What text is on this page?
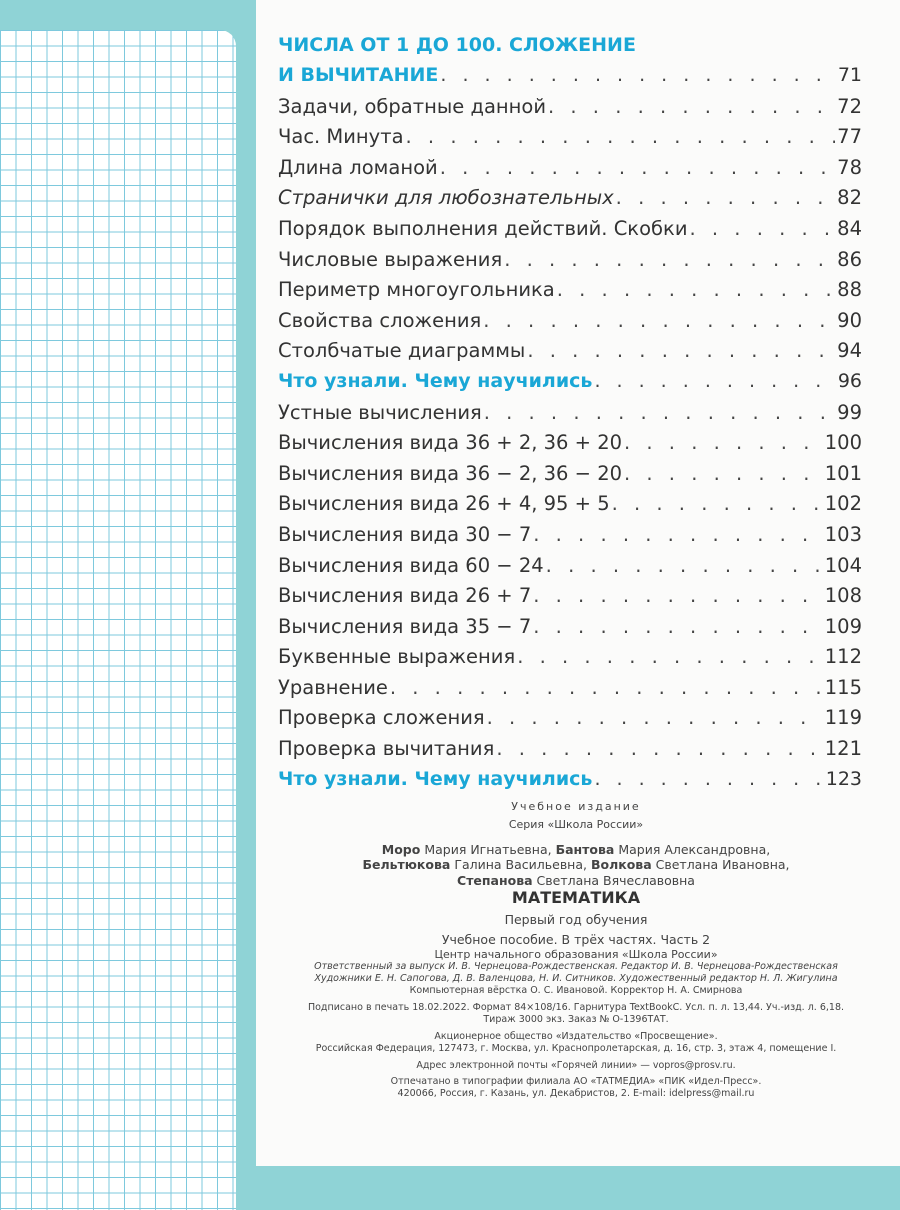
ЧИСЛА ОТ 1 ДО 100. СЛОЖЕНИЕ
И ВЫЧИТАНИЕ . . .	71
Задачи, обратные данной . . .	72
Час. Минута . . .	77
Длина ломаной . . .	78
Странички для любознательных . . .	82
Порядок выполнения действий. Скобки . . .	84
Числовые выражения . . .	86
Периметр многоугольника . . .	88
Свойства сложения . . .	90
Столбчатые диаграммы . . .	94
Что узнали. Чему научились . . .	96
Устные вычисления . . .	99
Вычисления вида 36 + 2, 36 + 20 . . .	100
Вычисления вида 36 − 2, 36 − 20 . . .	101
Вычисления вида 26 + 4, 95 + 5 . . .	102
Вычисления вида 30 − 7 . . .	103
Вычисления вида 60 − 24 . . .	104
Вычисления вида 26 + 7 . . .	108
Вычисления вида 35 − 7 . . .	109
Буквенные выражения . . .	112
Уравнение . . .	115
Проверка сложения . . .	119
Проверка вычитания . . .	121
Что узнали. Чему научились . . .	123
Учебное издание
Серия «Школа России»
Моро Мария Игнатьевна, Бантова Мария Александровна,
Бельтюкова Галина Васильевна, Волкова Светлана Ивановна,
Степанова Светлана Вячеславовна
МАТЕМАТИКА
Первый год обучения
Учебное пособие. В трёх частях. Часть 2
Центр начального образования «Школа России»
Ответственный за выпуск И. В. Чернецова-Рождественская. Редактор И. В. Чернецова-Рождественская
Художники Е. Н. Сапогова, Д. В. Валенцова, Н. И. Ситников. Художественный редактор Н. Л. Жигулина
Компьютерная вёрстка О. С. Ивановой. Корректор Н. А. Смирнова
Подписано в печать 18.02.2022. Формат 84×108/16. Гарнитура TextBookC. Усл. п. л. 13,44. Уч.-изд. л. 6,18.
Тираж 3000 экз. Заказ № О-1396ТАТ.
Акционерное общество «Издательство «Просвещение».
Российская Федерация, 127473, г. Москва, ул. Краснопролетарская, д. 16, стр. 3, этаж 4, помещение I.
Адрес электронной почты «Горячей линии» — vopros@prosv.ru.
Отпечатано в типографии филиала АО «ТАТМЕДИА» «ПИК «Идел-Пресс».
420066, Россия, г. Казань, ул. Декабристов, 2. E-mail: idelpress@mail.ru
